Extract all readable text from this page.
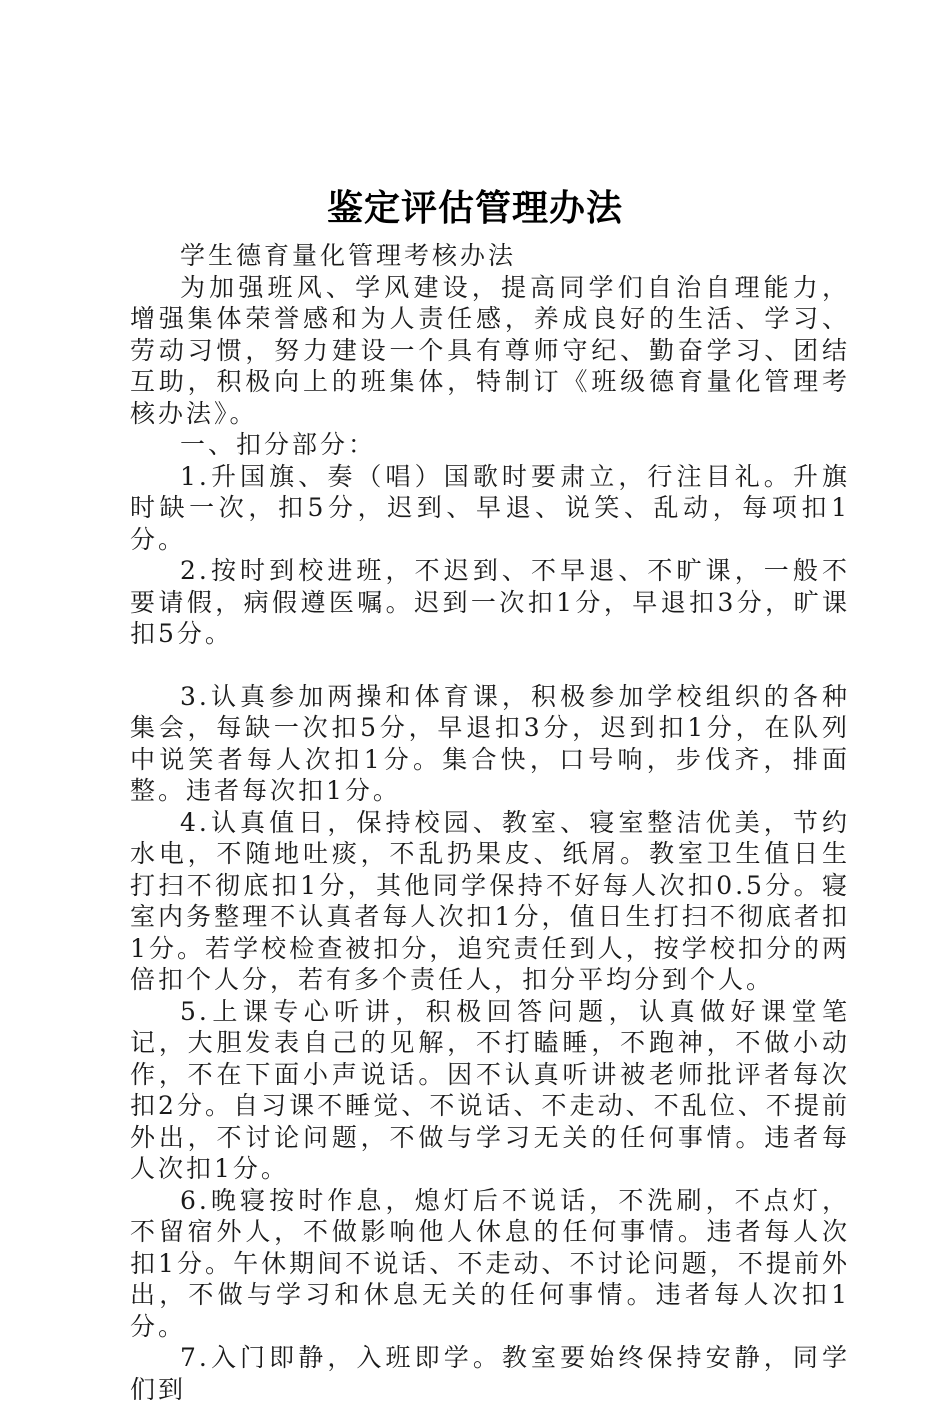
鉴定评估管理办法

学生德育量化管理考核办法

为加强班风、学风建设，提高同学们自治自理能力，增强集体荣誉感和为人责任感，养成良好的生活、学习、劳动习惯，努力建设一个具有尊师守纪、勤奋学习、团结互助，积极向上的班集体，特制订《班级德育量化管理考核办法》。

一、扣分部分：

1.升国旗、奏（唱）国歌时要肃立，行注目礼。升旗时缺一次，扣5分，迟到、早退、说笑、乱动，每项扣1分。

2.按时到校进班，不迟到、不早退、不旷课，一般不要请假，病假遵医嘱。迟到一次扣1分，早退扣3分，旷课扣5分。

3.认真参加两操和体育课，积极参加学校组织的各种集会，每缺一次扣5分，早退扣3分，迟到扣1分，在队列中说笑者每人次扣1分。集合快，口号响，步伐齐，排面整。违者每次扣1分。

4.认真值日，保持校园、教室、寝室整洁优美，节约水电，不随地吐痰，不乱扔果皮、纸屑。教室卫生值日生打扫不彻底扣1分，其他同学保持不好每人次扣0.5分。寝室内务整理不认真者每人次扣1分，值日生打扫不彻底者扣1分。若学校检查被扣分，追究责任到人，按学校扣分的两倍扣个人分，若有多个责任人，扣分平均分到个人。

5.上课专心听讲，积极回答问题，认真做好课堂笔记，大胆发表自己的见解，不打瞌睡，不跑神，不做小动作，不在下面小声说话。因不认真听讲被老师批评者每次扣2分。自习课不睡觉、不说话、不走动、不乱位、不提前外出，不讨论问题，不做与学习无关的任何事情。违者每人次扣1分。

6.晚寝按时作息，熄灯后不说话，不洗刷，不点灯，不留宿外人，不做影响他人休息的任何事情。违者每人次扣1分。午休期间不说话、不走动、不讨论问题，不提前外出，不做与学习和休息无关的任何事情。违者每人次扣1分。

7.入门即静，入班即学。教室要始终保持安静，同学们到
